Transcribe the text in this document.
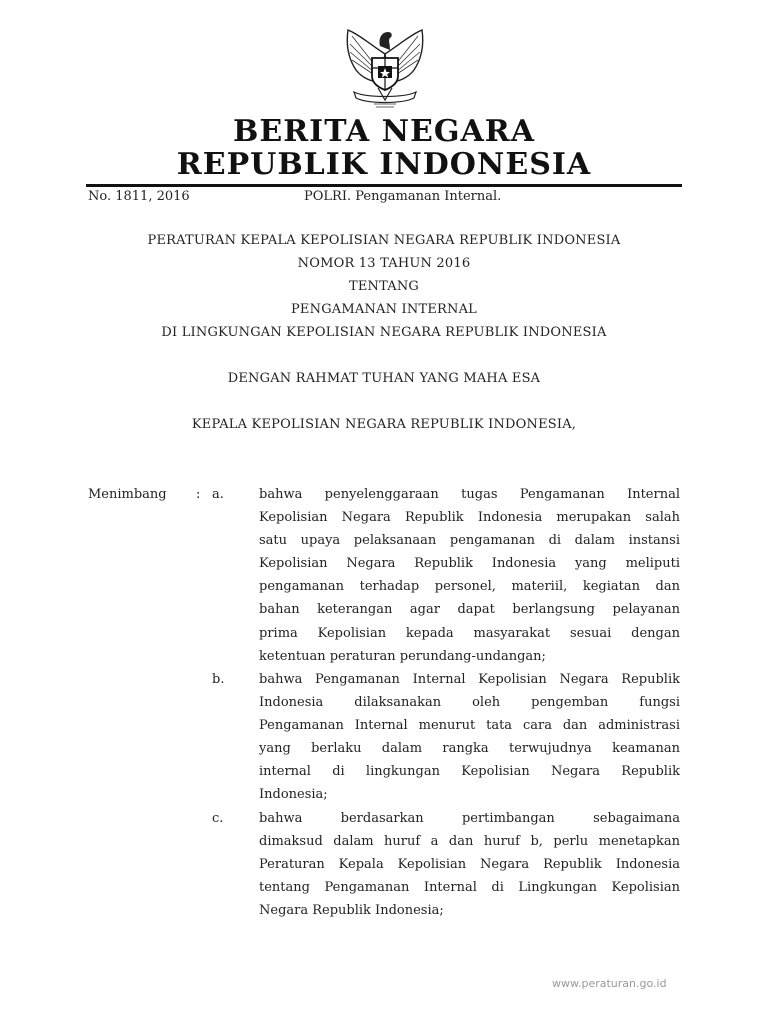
BERITA NEGARA
REPUBLIK INDONESIA
No. 1811, 2016	POLRI. Pengamanan Internal.
PERATURAN KEPALA KEPOLISIAN NEGARA REPUBLIK INDONESIA
NOMOR 13 TAHUN 2016
TENTANG
PENGAMANAN INTERNAL
DI LINGKUNGAN KEPOLISIAN NEGARA REPUBLIK INDONESIA
DENGAN RAHMAT TUHAN YANG MAHA ESA
KEPALA KEPOLISIAN NEGARA REPUBLIK INDONESIA,
Menimbang : a.	bahwa penyelenggaraan tugas Pengamanan Internal
Kepolisian Negara Republik Indonesia merupakan salah
satu upaya pelaksanaan pengamanan di dalam instansi
Kepolisian Negara Republik Indonesia yang meliputi
pengamanan terhadap personel, materiil, kegiatan dan
bahan keterangan agar dapat berlangsung pelayanan
prima Kepolisian kepada masyarakat sesuai dengan
ketentuan peraturan perundang-undangan;
b.	bahwa Pengamanan Internal Kepolisian Negara Republik
Indonesia dilaksanakan oleh pengemban fungsi
Pengamanan Internal menurut tata cara dan administrasi
yang berlaku dalam rangka terwujudnya keamanan
internal di lingkungan Kepolisian Negara Republik
Indonesia;
c.	bahwa berdasarkan pertimbangan sebagaimana
dimaksud dalam huruf a dan huruf b, perlu menetapkan
Peraturan Kepala Kepolisian Negara Republik Indonesia
tentang Pengamanan Internal di Lingkungan Kepolisian
Negara Republik Indonesia;
www.peraturan.go.id
